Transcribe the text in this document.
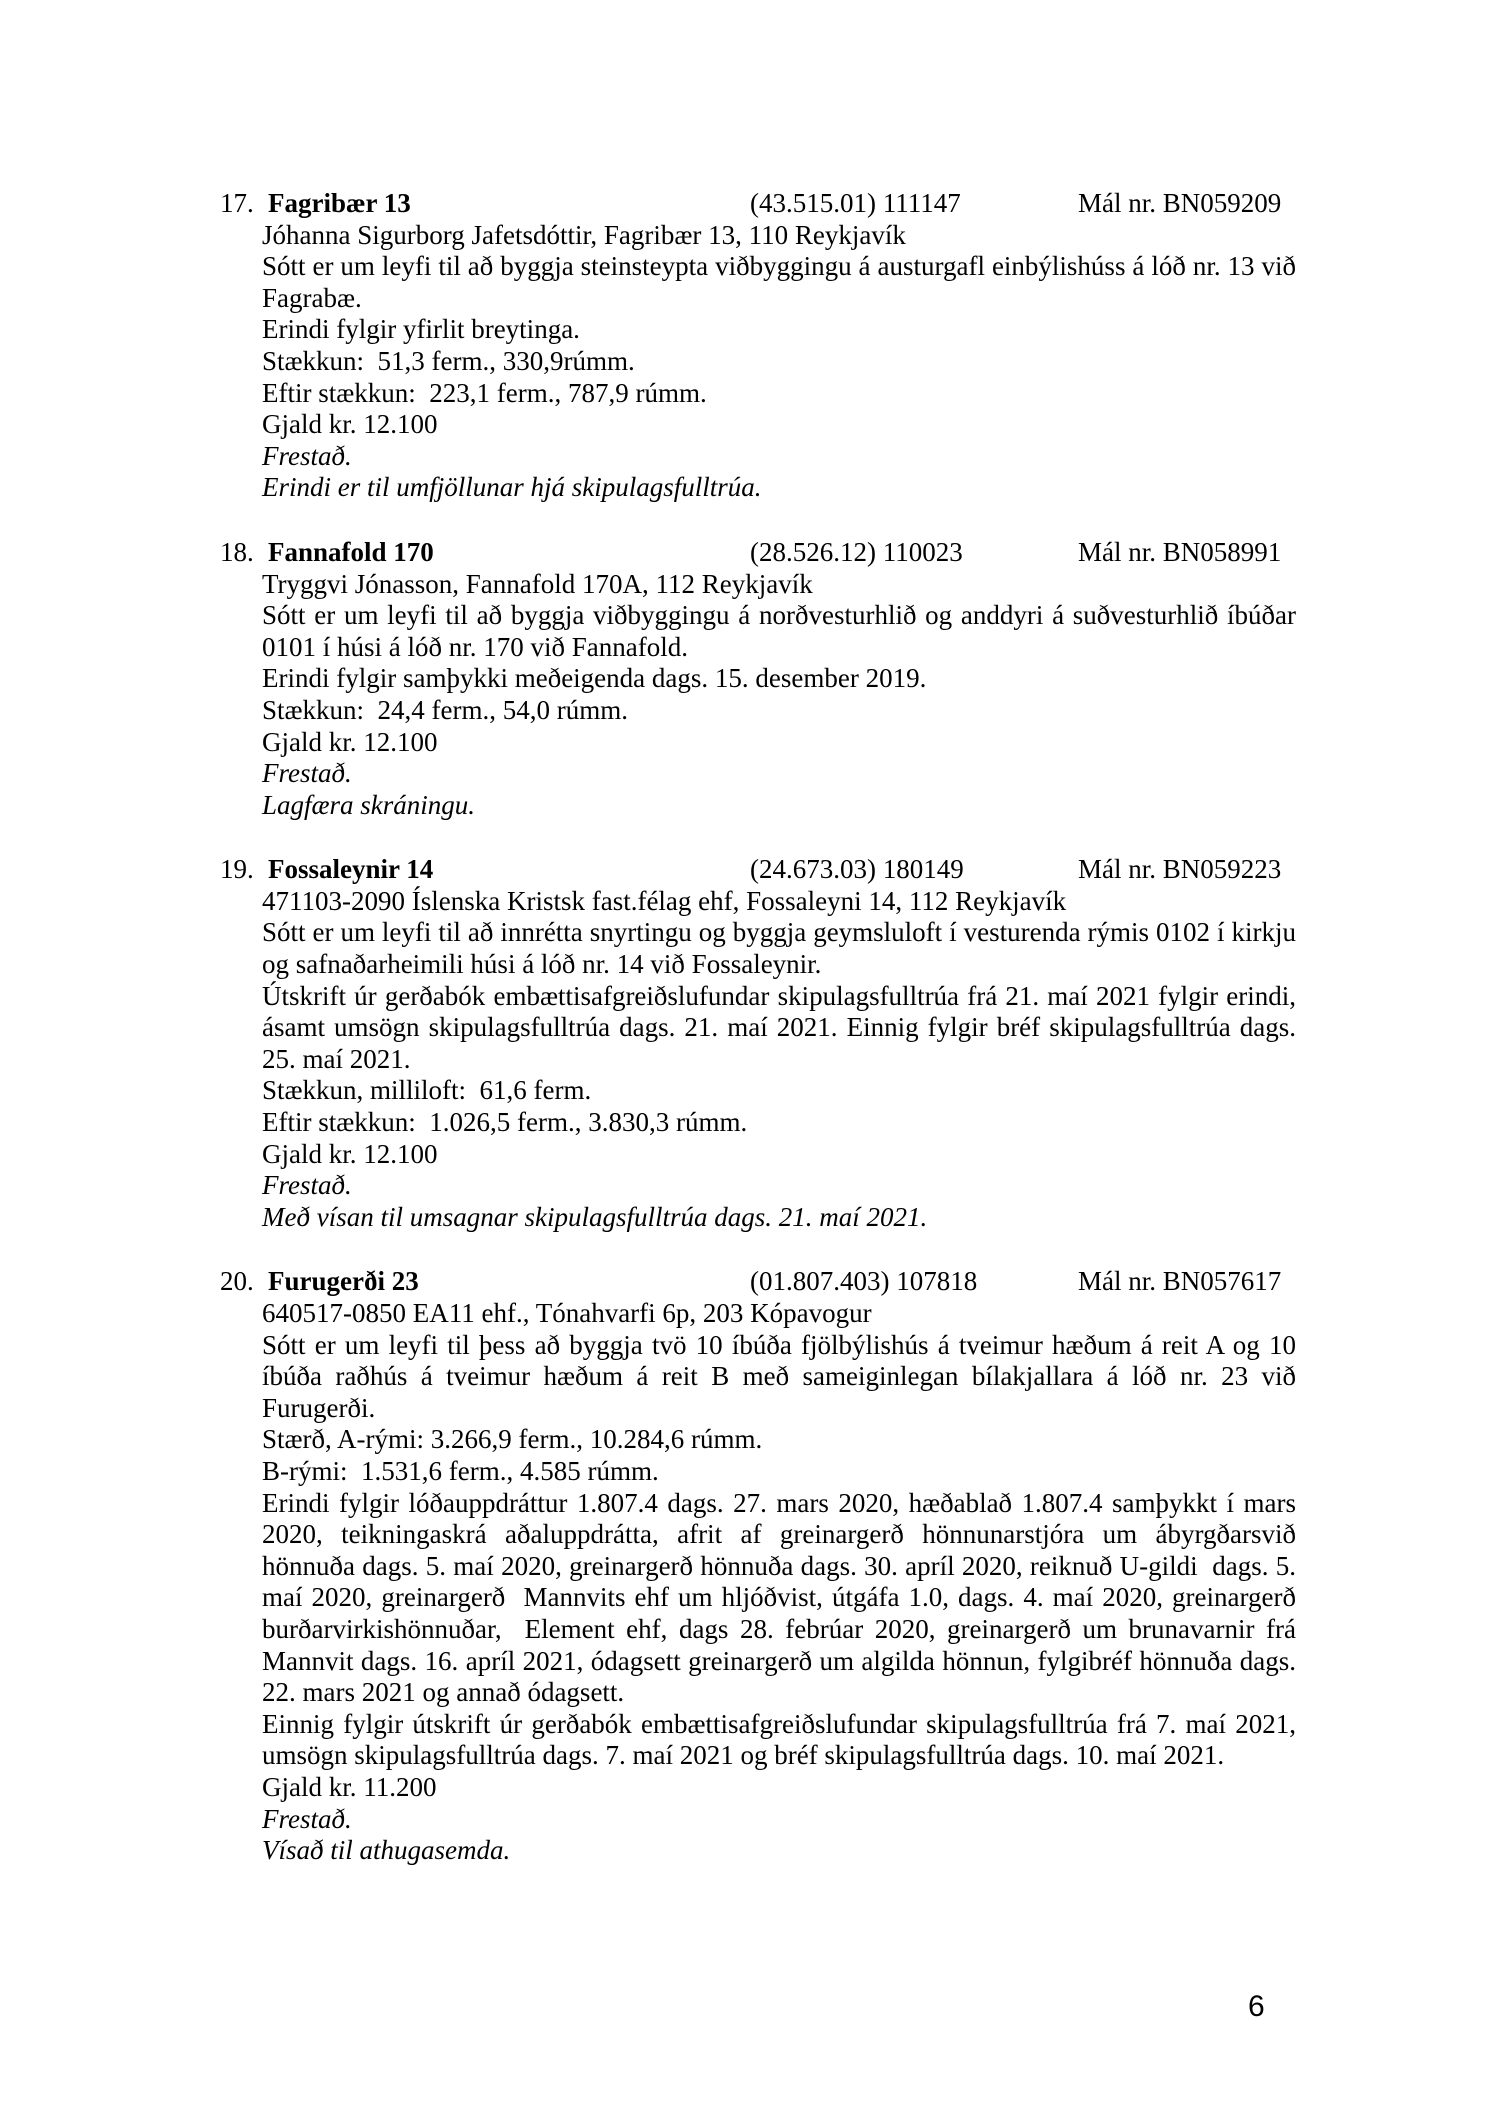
17. Fagribær 13	(43.515.01) 111147	Mál nr. BN059209

Jóhanna Sigurborg Jafetsdóttir, Fagribær 13, 110 Reykjavík

Sótt er um leyfi til að byggja steinsteypta viðbyggingu á austurgafl einbýlishúss á lóð nr. 13 við Fagrabæ.

Erindi fylgir yfirlit breytinga.

Stækkun:  51,3 ferm., 330,9rúmm.

Eftir stækkun:  223,1 ferm., 787,9 rúmm.

Gjald kr. 12.100

Frestað.

Erindi er til umfjöllunar hjá skipulagsfulltrúa.

18. Fannafold 170	(28.526.12) 110023	Mál nr. BN058991

Tryggvi Jónasson, Fannafold 170A, 112 Reykjavík

Sótt er um leyfi til að byggja viðbyggingu á norðvesturhlið og anddyri á suðvesturhlið íbúðar 0101 í húsi á lóð nr. 170 við Fannafold.

Erindi fylgir samþykki meðeigenda dags. 15. desember 2019.

Stækkun:  24,4 ferm., 54,0 rúmm.

Gjald kr. 12.100

Frestað.

Lagfæra skráningu.

19. Fossaleynir 14	(24.673.03) 180149	Mál nr. BN059223

471103-2090 Íslenska Kristsk fast.félag ehf, Fossaleyni 14, 112 Reykjavík

Sótt er um leyfi til að innrétta snyrtingu og byggja geymsluloft í vesturenda rýmis 0102 í kirkju og safnaðarheimili húsi á lóð nr. 14 við Fossaleynir.

Útskrift úr gerðabók embættisafgreiðslufundar skipulagsfulltrúa frá 21. maí 2021 fylgir erindi, ásamt umsögn skipulagsfulltrúa dags. 21. maí 2021. Einnig fylgir bréf skipulagsfulltrúa dags. 25. maí 2021.

Stækkun, milliloft:  61,6 ferm.

Eftir stækkun:  1.026,5 ferm., 3.830,3 rúmm.

Gjald kr. 12.100

Frestað.

Með vísan til umsagnar skipulagsfulltrúa dags. 21. maí 2021.

20. Furugerði 23	(01.807.403) 107818	Mál nr. BN057617

640517-0850 EA11 ehf., Tónahvarfi 6p, 203 Kópavogur

Sótt er um leyfi til þess að byggja tvö 10 íbúða fjölbýlishús á tveimur hæðum á reit A og 10 íbúða raðhús á tveimur hæðum á reit B með sameiginlegan bílakjallara á lóð nr. 23 við Furugerði.

Stærð, A-rými: 3.266,9 ferm., 10.284,6 rúmm.

B-rými:  1.531,6 ferm., 4.585 rúmm.

Erindi fylgir lóðauppdráttur 1.807.4 dags. 27. mars 2020, hæðablað 1.807.4 samþykkt í mars 2020, teikningaskrá aðaluppdrátta, afrit af greinargerð hönnunarstjóra um ábyrgðarsvið hönnuða dags. 5. maí 2020, greinargerð hönnuða dags. 30. apríl 2020, reiknuð U-gildi  dags. 5. maí 2020, greinargerð  Mannvits ehf um hljóðvist, útgáfa 1.0, dags. 4. maí 2020, greinargerð burðarvirkishönnuðar,  Element ehf, dags 28. febrúar 2020, greinargerð um brunavarnir frá Mannvit dags. 16. apríl 2021, ódagsett greinargerð um algilda hönnun, fylgibréf hönnuða dags. 22. mars 2021 og annað ódagsett.

Einnig fylgir útskrift úr gerðabók embættisafgreiðslufundar skipulagsfulltrúa frá 7. maí 2021, umsögn skipulagsfulltrúa dags. 7. maí 2021 og bréf skipulagsfulltrúa dags. 10. maí 2021.

Gjald kr. 11.200

Frestað.

Vísað til athugasemda.

6
